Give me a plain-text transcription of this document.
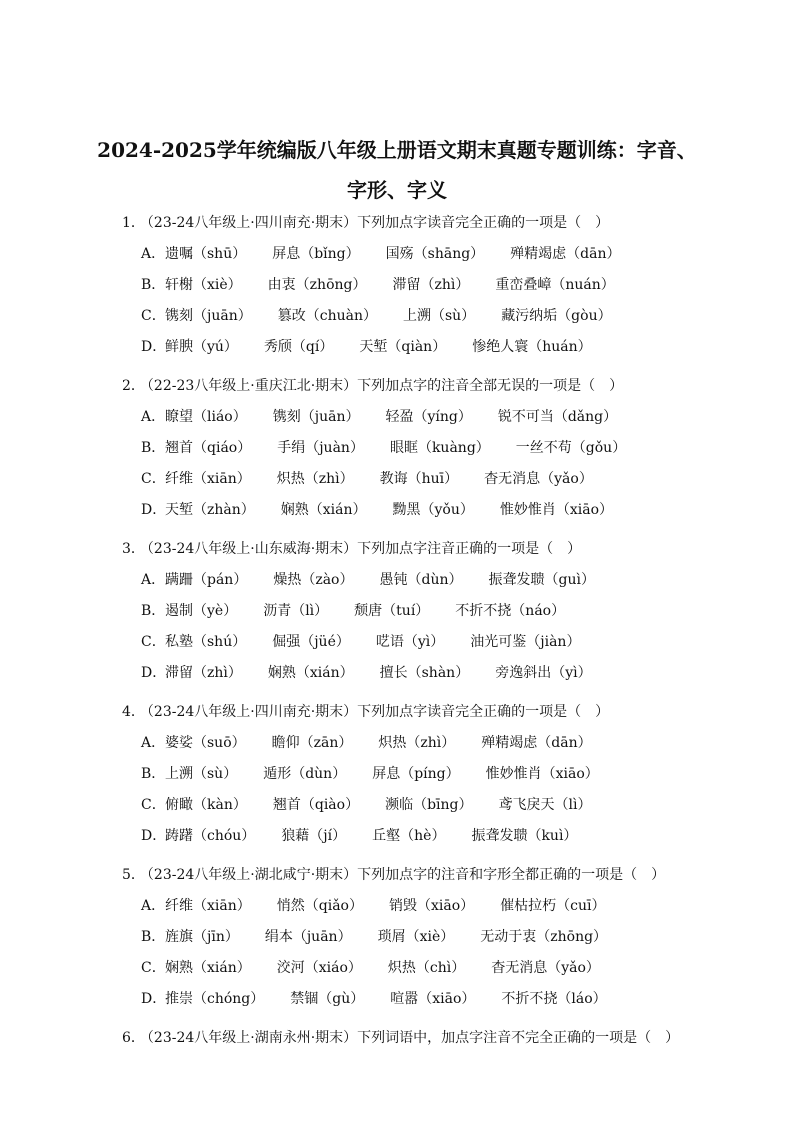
2024-2025学年统编版八年级上册语文期末真题专题训练：字音、
字形、字义
1． （23-24八年级上·四川南充·期末）下列加点字读音完全正确的一项是（　）
A．遗嘱（shū） 屏息（bǐng） 国殇（shāng） 殚精竭虑（dān）
B．轩榭（xiè） 由衷（zhōng） 滞留（zhì） 重峦叠嶂（nuán）
C．镌刻（juān） 篡改（chuàn） 上溯（sù） 藏污纳垢（gòu）
D．鲜腴（yú） 秀颀（qí） 天堑（qiàn） 惨绝人寰（huán）
2． （22-23八年级上·重庆江北·期末）下列加点字的注音全部无误的一项是（　）
A．瞭望（liáo） 镌刻（juān） 轻盈（yíng） 锐不可当（dǎng）
B．翘首（qiáo） 手绢（juàn） 眼眶（kuàng） 一丝不苟（gǒu）
C．纤维（xiān） 炽热（zhì） 教诲（huī） 杳无消息（yǎo）
D．天堑（zhàn） 娴熟（xián） 黝黑（yǒu） 惟妙惟肖（xiāo）
3． （23-24八年级上·山东威海·期末）下列加点字注音正确的一项是（　）
A．蹒跚（pán） 燥热（zào） 愚钝（dùn） 振聋发聩（guì）
B．遏制（yè） 沥青（lì） 颓唐（tuí） 不折不挠（náo）
C．私塾（shú） 倔强（jüé） 呓语（yì） 油光可鉴（jiàn）
D．滞留（zhì） 娴熟（xián） 擅长（shàn） 旁逸斜出（yì）
4． （23-24八年级上·四川南充·期末）下列加点字读音完全正确的一项是（　）
A．婆娑（suō） 瞻仰（zān） 炽热（zhì） 殚精竭虑（dān）
B．上溯（sù） 遁形（dùn） 屏息（píng） 惟妙惟肖（xiāo）
C．俯瞰（kàn） 翘首（qiào） 濒临（bīng） 鸢飞戾天（lì）
D．踌躇（chóu） 狼藉（jí） 丘壑（hè） 振聋发聩（kuì）
5． （23-24八年级上·湖北咸宁·期末）下列加点字的注音和字形全都正确的一项是（　）
A．纤维（xiān） 悄然（qiǎo） 销毁（xiāo） 催枯拉朽（cuī）
B．旌旗（jīn） 绢本（juān） 琐屑（xiè） 无动于衷（zhōng）
C．娴熟（xián） 洨河（xiáo） 炽热（chì） 杳无消息（yǎo）
D．推崇（chóng） 禁锢（gù） 喧嚣（xiāo） 不折不挠（láo）
6． （23-24八年级上·湖南永州·期末）下列词语中，加点字注音不完全正确的一项是（　）
